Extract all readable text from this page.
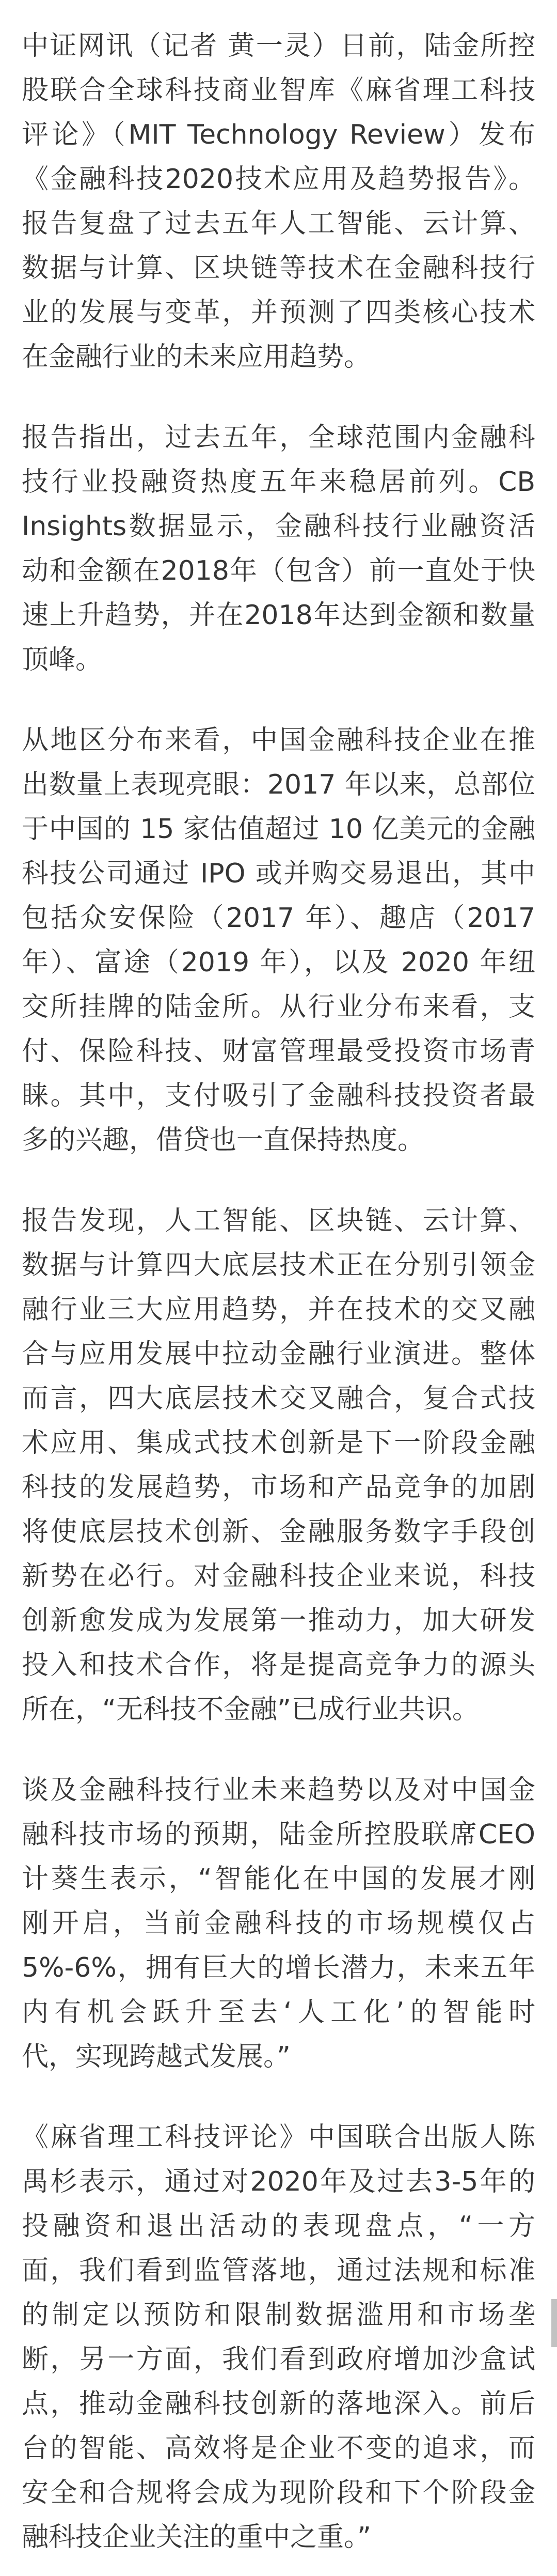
中证网讯（记者 黄一灵）日前，陆金所控
股联合全球科技商业智库《麻省理工科技
评论》（MIT Technology Review）发布
《金融科技2020技术应用及趋势报告》。
报告复盘了过去五年人工智能、云计算、
数据与计算、区块链等技术在金融科技行
业的发展与变革，并预测了四类核心技术
在金融行业的未来应用趋势。

报告指出，过去五年，全球范围内金融科
技行业投融资热度五年来稳居前列。CB
Insights数据显示，金融科技行业融资活
动和金额在2018年（包含）前一直处于快
速上升趋势，并在2018年达到金额和数量
顶峰。

从地区分布来看，中国金融科技企业在推
出数量上表现亮眼：2017 年以来，总部位
于中国的 15 家估值超过 10 亿美元的金融
科技公司通过 IPO 或并购交易退出，其中
包括众安保险（2017 年）、趣店（2017
年）、富途（2019 年），以及 2020 年纽
交所挂牌的陆金所。从行业分布来看，支
付、保险科技、财富管理最受投资市场青
睐。其中，支付吸引了金融科技投资者最
多的兴趣，借贷也一直保持热度。

报告发现，人工智能、区块链、云计算、
数据与计算四大底层技术正在分别引领金
融行业三大应用趋势，并在技术的交叉融
合与应用发展中拉动金融行业演进。整体
而言，四大底层技术交叉融合，复合式技
术应用、集成式技术创新是下一阶段金融
科技的发展趋势，市场和产品竞争的加剧
将使底层技术创新、金融服务数字手段创
新势在必行。对金融科技企业来说，科技
创新愈发成为发展第一推动力，加大研发
投入和技术合作，将是提高竞争力的源头
所在，“无科技不金融”已成行业共识。

谈及金融科技行业未来趋势以及对中国金
融科技市场的预期，陆金所控股联席CEO
计葵生表示，“智能化在中国的发展才刚
刚开启，当前金融科技的市场规模仅占
5%-6%，拥有巨大的增长潜力，未来五年
内有机会跃升至去‘人工化’的智能时
代，实现跨越式发展。”

《麻省理工科技评论》中国联合出版人陈
禺杉表示，通过对2020年及过去3-5年的
投融资和退出活动的表现盘点，“一方
面，我们看到监管落地，通过法规和标准
的制定以预防和限制数据滥用和市场垄
断，另一方面，我们看到政府增加沙盒试
点，推动金融科技创新的落地深入。前后
台的智能、高效将是企业不变的追求，而
安全和合规将会成为现阶段和下个阶段金
融科技企业关注的重中之重。”
